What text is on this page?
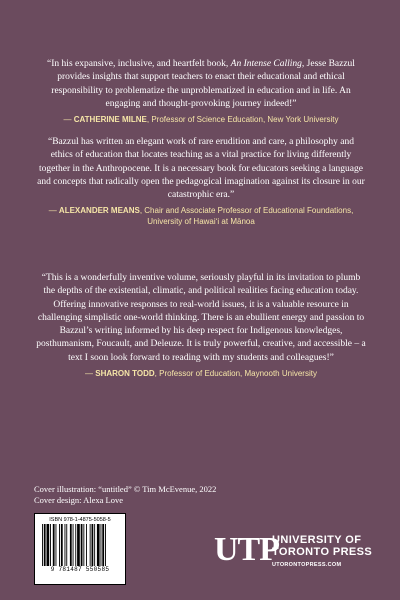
“In his expansive, inclusive, and heartfelt book, An Intense Calling, Jesse Bazzul provides insights that support teachers to enact their educational and ethical responsibility to problematize the unproblematized in education and in life. An engaging and thought-provoking journey indeed!”

— CATHERINE MILNE, Professor of Science Education, New York University

“Bazzul has written an elegant work of rare erudition and care, a philosophy and ethics of education that locates teaching as a vital practice for living differently together in the Anthropocene. It is a necessary book for educators seeking a language and concepts that radically open the pedagogical imagination against its closure in our catastrophic era.”

— ALEXANDER MEANS, Chair and Associate Professor of Educational Foundations, University of Hawaiʻi at Mānoa

“This is a wonderfully inventive volume, seriously playful in its invitation to plumb the depths of the existential, climatic, and political realities facing education today. Offering innovative responses to real-world issues, it is a valuable resource in challenging simplistic one-world thinking. There is an ebullient energy and passion to Bazzul’s writing informed by his deep respect for Indigenous knowledges, posthumanism, Foucault, and Deleuze. It is truly powerful, creative, and accessible – a text I soon look forward to reading with my students and colleagues!”

— SHARON TODD, Professor of Education, Maynooth University

Cover illustration: “untitled” © Tim McEvenue, 2022
Cover design: Alexa Love
ISBN 978-1-4875-5058-5
9 781487 550585
UTP
UNIVERSITY OF
TORONTO PRESS
UTORONTOPRESS.COM
